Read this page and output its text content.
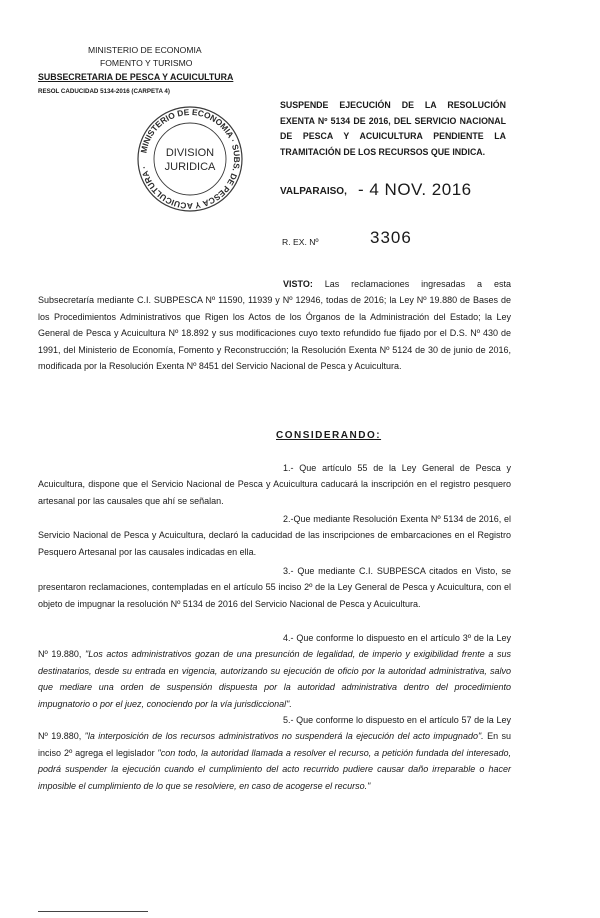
MINISTERIO DE ECONOMIA
FOMENTO Y TURISMO
SUBSECRETARIA DE PESCA Y ACUICULTURA
RESOL CADUCIDAD 5134-2016 (CARPETA 4)
SUSPENDE EJECUCIÓN DE LA RESOLUCIÓN EXENTA Nº 5134 DE 2016, DEL SERVICIO NACIONAL DE PESCA Y ACUICULTURA PENDIENTE LA TRAMITACIÓN DE LOS RECURSOS QUE INDICA.
MINISTERIO DE ECONOMIA · SUBS. DE PESCA Y ACUICULTURA ·
DIVISION
JURIDICA
VALPARAISO, - 4 NOV. 2016
R. EX. Nº	3306
VISTO: Las reclamaciones ingresadas a esta Subsecretaría mediante C.I. SUBPESCA Nº 11590, 11939 y Nº 12946, todas de 2016; la Ley Nº 19.880 de Bases de los Procedimientos Administrativos que Rigen los Actos de los Órganos de la Administración del Estado; la Ley General de Pesca y Acuicultura Nº 18.892 y sus modificaciones cuyo texto refundido fue fijado por el D.S. Nº 430 de 1991, del Ministerio de Economía, Fomento y Reconstrucción; la Resolución Exenta Nº 5124 de 30 de junio de 2016, modificada por la Resolución Exenta Nº 8451 del Servicio Nacional de Pesca y Acuicultura.
CONSIDERANDO:
1.- Que artículo 55 de la Ley General de Pesca y Acuicultura, dispone que el Servicio Nacional de Pesca y Acuicultura caducará la inscripción en el registro pesquero artesanal por las causales que ahí se señalan.
2.-Que mediante Resolución Exenta Nº 5134 de 2016, el Servicio Nacional de Pesca y Acuicultura, declaró la caducidad de las inscripciones de embarcaciones en el Registro Pesquero Artesanal por las causales indicadas en ella.
3.- Que mediante C.I. SUBPESCA citados en Visto, se presentaron reclamaciones, contempladas en el artículo 55 inciso 2º de la Ley General de Pesca y Acuicultura, con el objeto de impugnar la resolución Nº 5134 de 2016 del Servicio Nacional de Pesca y Acuicultura.
4.- Que conforme lo dispuesto en el artículo 3º de la Ley Nº 19.880, "Los actos administrativos gozan de una presunción de legalidad, de imperio y exigibilidad frente a sus destinatarios, desde su entrada en vigencia, autorizando su ejecución de oficio por la autoridad administrativa, salvo que mediare una orden de suspensión dispuesta por la autoridad administrativa dentro del procedimiento impugnatorio o por el juez, conociendo por la vía jurisdiccional".
5.- Que conforme lo dispuesto en el artículo 57 de la Ley Nº 19.880, "la interposición de los recursos administrativos no suspenderá la ejecución del acto impugnado". En su inciso 2º agrega el legislador "con todo, la autoridad llamada a resolver el recurso, a petición fundada del interesado, podrá suspender la ejecución cuando el cumplimiento del acto recurrido pudiere causar daño irreparable o hacer imposible el cumplimiento de lo que se resolviere, en caso de acogerse el recurso."
